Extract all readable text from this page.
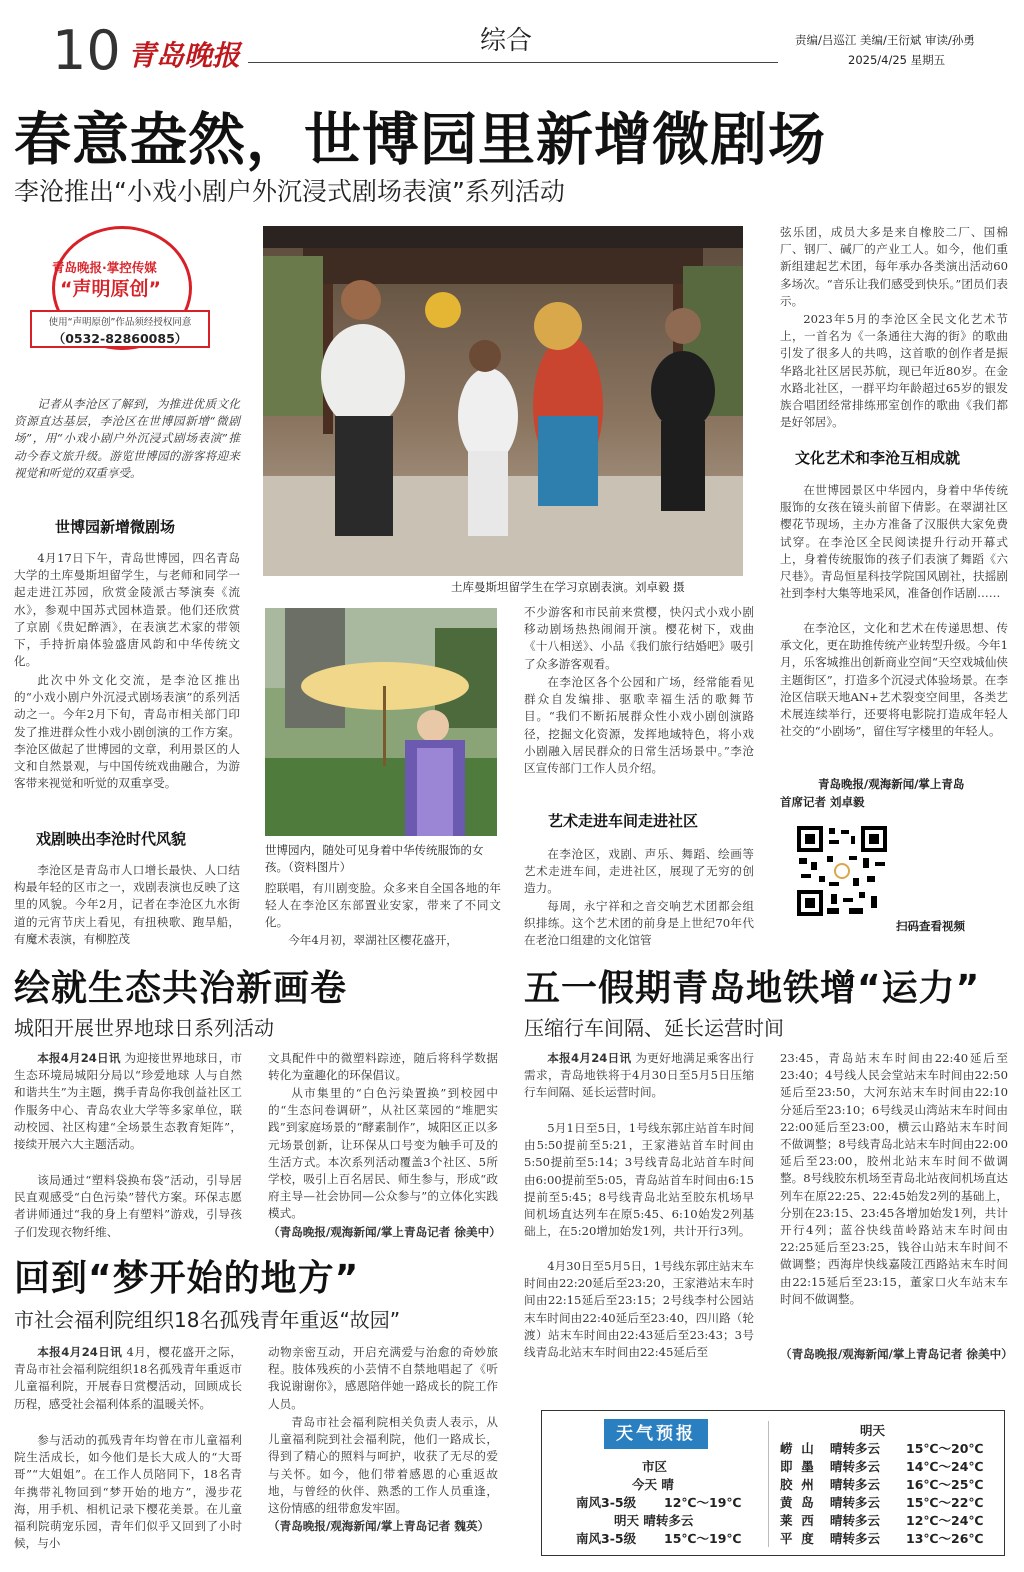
10 青岛晚报	综合	责编/吕巡江 美编/王衍斌 审读/孙勇
2025/4/25 星期五
春意盎然，世博园里新增微剧场
李沧推出“小戏小剧户外沉浸式剧场表演”系列活动
青岛晚报·掌控传媒
“声明原创”
使用“声明原创”作品须经授权同意
（0532-82860085）
记者从李沧区了解到，为推进优质文化资源直达基层，李沧区在世博园新增“微剧场”，用“小戏小剧户外沉浸式剧场表演”推动今春文旅升级。游览世博园的游客将迎来视觉和听觉的双重享受。
世博园新增微剧场
4月17日下午，青岛世博园，四名青岛大学的土库曼斯坦留学生，与老师和同学一起走进江苏园，欣赏金陵派古琴演奏《流水》，参观中国苏式园林造景。他们还欣赏了京剧《贵妃醉酒》，在表演艺术家的带领下，手持折扇体验盛唐风韵和中华传统文化。
此次中外文化交流，是李沧区推出的“小戏小剧户外沉浸式剧场表演”的系列活动之一。今年2月下旬，青岛市相关部门印发了推进群众性小戏小剧创演的工作方案。李沧区做起了世博园的文章，利用景区的人文和自然景观，与中国传统戏曲融合，为游客带来视觉和听觉的双重享受。
戏剧映出李沧时代风貌
李沧区是青岛市人口增长最快、人口结构最年轻的区市之一，戏剧表演也反映了这里的风貌。今年2月，记者在李沧区九水街道的元宵节庆上看见，有扭秧歌、跑旱船，有魔术表演，有柳腔茂
土库曼斯坦留学生在学习京剧表演。刘卓毅 摄
世博园内，随处可见身着中华传统服饰的女孩。（资料图片）
腔联唱，有川剧变脸。众多来自全国各地的年轻人在李沧区东部置业安家，带来了不同文化。
今年4月初，翠湖社区樱花盛开，
不少游客和市民前来赏樱，快闪式小戏小剧移动剧场热热闹闹开演。樱花树下，戏曲《十八相送》、小品《我们旅行结婚吧》吸引了众多游客观看。
在李沧区各个公园和广场，经常能看见群众自发编排、驱歌幸福生活的歌舞节目。“我们不断拓展群众性小戏小剧创演路径，挖掘文化资源，发挥地域特色，将小戏小剧融入居民群众的日常生活场景中。”李沧区宣传部门工作人员介绍。
艺术走进车间走进社区
在李沧区，戏剧、声乐、舞蹈、绘画等艺术走进车间，走进社区，展现了无穷的创造力。
每周，永宁祥和之音交响艺术团都会组织排练。这个艺术团的前身是上世纪70年代在老沧口组建的文化馆管
弦乐团，成员大多是来自橡胶二厂、国棉厂、钢厂、碱厂的产业工人。如今，他们重新组建起艺术团，每年承办各类演出活动60多场次。“音乐让我们感受到快乐。”团员们表示。
2023年5月的李沧区全民文化艺术节上，一首名为《一条通往大海的街》的歌曲引发了很多人的共鸣，这首歌的创作者是振华路北社区居民苏航，现已年近80岁。在金水路北社区，一群平均年龄超过65岁的银发族合唱团经常排练邢室创作的歌曲《我们都是好邻居》。
文化艺术和李沧互相成就
在世博园景区中华园内，身着中华传统服饰的女孩在镜头前留下倩影。在翠湖社区樱花节现场，主办方准备了汉服供大家免费试穿。在李沧区全民阅读提升行动开幕式上，身着传统服饰的孩子们表演了舞蹈《六尺巷》。青岛恒星科技学院国风剧社，扶摇剧社到李村大集等地采风，准备创作话剧……
在李沧区，文化和艺术在传递思想、传承文化，更在助推传统产业转型升级。今年1月，乐客城推出创新商业空间“天空戏城仙侠主题街区”，打造多个沉浸式体验场景。在李沧区信联天地AN+艺术裂变空间里，各类艺术展连续举行，还要将电影院打造成年轻人社交的“小剧场”，留住写字楼里的年轻人。
青岛晚报/观海新闻/掌上青岛
首席记者 刘卓毅
扫码查看视频
绘就生态共治新画卷
城阳开展世界地球日系列活动
本报4月24日讯 为迎接世界地球日，市生态环境局城阳分局以“珍爱地球 人与自然和谐共生”为主题，携手青岛你我创益社区工作服务中心、青岛农业大学等多家单位，联动校园、社区构建“全场景生态教育矩阵”，接续开展六大主题活动。
该局通过“塑料袋换布袋”活动，引导居民直观感受“白色污染”替代方案。环保志愿者讲师通过“我的身上有塑料”游戏，引导孩子们发现衣物纤维、
文具配件中的微塑料踪迹，随后将科学数据转化为童趣化的环保倡议。
从市集里的“白色污染置换”到校园中的“生态问卷调研”，从社区菜园的“堆肥实践”到家庭场景的“酵素制作”，城阳区正以多元场景创新，让环保从口号变为触手可及的生活方式。本次系列活动覆盖3个社区、5所学校，吸引上百名居民、师生参与，形成“政府主导—社会协同—公众参与”的立体化实践模式。
（青岛晚报/观海新闻/掌上青岛记者 徐美中）
回到“梦开始的地方”
市社会福利院组织18名孤残青年重返“故园”
本报4月24日讯 4月，樱花盛开之际，青岛市社会福利院组织18名孤残青年重返市儿童福利院，开展春日赏樱活动，回顾成长历程，感受社会福利体系的温暖关怀。
参与活动的孤残青年均曾在市儿童福利院生活成长，如今他们是长大成人的“大哥哥”“大姐姐”。在工作人员陪同下，18名青年携带礼物回到“梦开始的地方”，漫步花海，用手机、相机记录下樱花美景。在儿童福利院萌宠乐园，青年们似乎又回到了小时候，与小
动物亲密互动，开启充满爱与治愈的奇妙旅程。肢体残疾的小芸情不自禁地唱起了《听我说谢谢你》，感恩陪伴她一路成长的院工作人员。
青岛市社会福利院相关负责人表示，从儿童福利院到社会福利院，他们一路成长，得到了精心的照料与呵护，收获了无尽的爱与关怀。如今，他们带着感恩的心重返故地，与曾经的伙伴、熟悉的工作人员重逢，这份情感的纽带愈发牢固。
（青岛晚报/观海新闻/掌上青岛记者 魏英）
五一假期青岛地铁增“运力”
压缩行车间隔、延长运营时间
本报4月24日讯 为更好地满足乘客出行需求，青岛地铁将于4月30日至5月5日压缩行车间隔、延长运营时间。
5月1日至5日，1号线东郭庄站首车时间由5:50提前至5:21，王家港站首车时间由5:50提前至5:14；3号线青岛北站首车时间由6:00提前至5:05，青岛站首车时间由6:15提前至5:45；8号线青岛北站至胶东机场早间机场直达列车在原5:45、6:10始发2列基础上，在5:20增加始发1列，共计开行3列。
4月30日至5月5日，1号线东郭庄站末车时间由22:20延后至23:20，王家港站末车时间由22:15延后至23:15；2号线李村公园站末车时间由22:40延后至23:40，四川路（轮渡）站末车时间由22:43延后至23:43；3号线青岛北站末车时间由22:45延后至
23:45，青岛站末车时间由22:40延后至23:40；4号线人民会堂站末车时间由22:50延后至23:50，大河东站末车时间由22:10分延后至23:10；6号线灵山湾站末车时间由22:00延后至23:00，横云山路站末车时间不做调整；8号线青岛北站末车时间由22:00延后至23:00，胶州北站末车时间不做调整。8号线胶东机场至青岛北站夜间机场直达列车在原22:25、22:45始发2列的基础上，分别在23:15、23:45各增加始发1列，共计开行4列；蓝谷快线苗岭路站末车时间由22:25延后至23:25，钱谷山站末车时间不做调整；西海岸快线嘉陵江西路站末车时间由22:15延后至23:15，董家口火车站末车时间不做调整。
（青岛晚报/观海新闻/掌上青岛记者 徐美中）
天气预报
市区
今天 晴
南风3-5级 12℃～19℃
明天 晴转多云
南风3-5级 15℃～19℃
明天
崂  山	晴转多云	15℃～20℃
即  墨	晴转多云	14℃～24℃
胶  州	晴转多云	16℃～25℃
黄  岛	晴转多云	15℃～22℃
莱  西	晴转多云	12℃～24℃
平  度	晴转多云	13℃～26℃
